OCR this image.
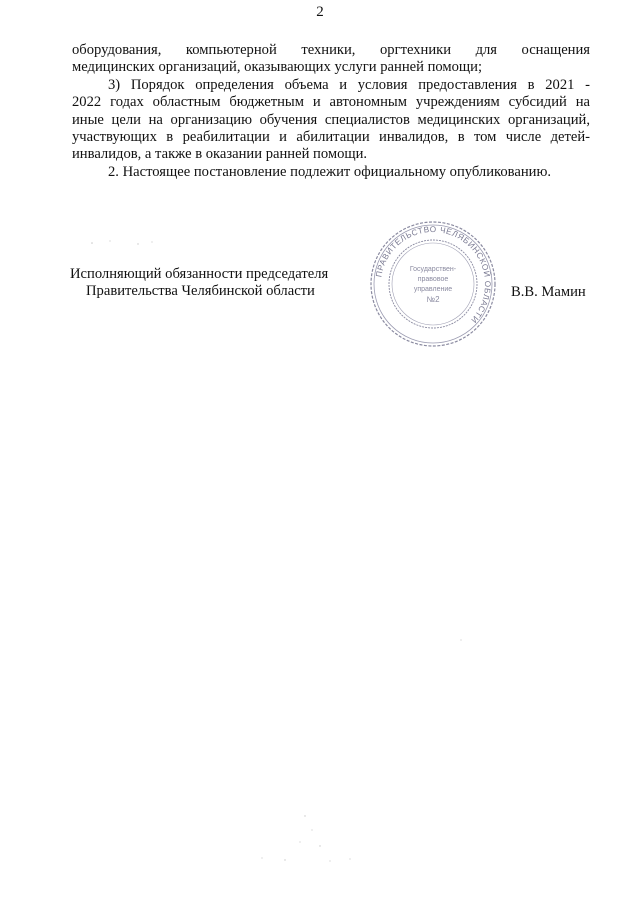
2
оборудования, компьютерной техники, оргтехники для оснащения
медицинских организаций, оказывающих услуги ранней помощи;
3) Порядок определения объема и условия предоставления в 2021 -
2022 годах областным бюджетным и автономным учреждениям субсидий на
иные цели на организацию обучения специалистов медицинских организаций,
участвующих в реабилитации и абилитации инвалидов, в том числе детей-
инвалидов, а также в оказании ранней помощи.
2. Настоящее постановление подлежит официальному опубликованию.
Исполняющий обязанности председателя
Правительства Челябинской области	В.В. Мамин
ПРАВИТЕЛЬСТВО ЧЕЛЯБИНСКОЙ ОБЛАСТИ
Государствен-
правовое
управление
№2
